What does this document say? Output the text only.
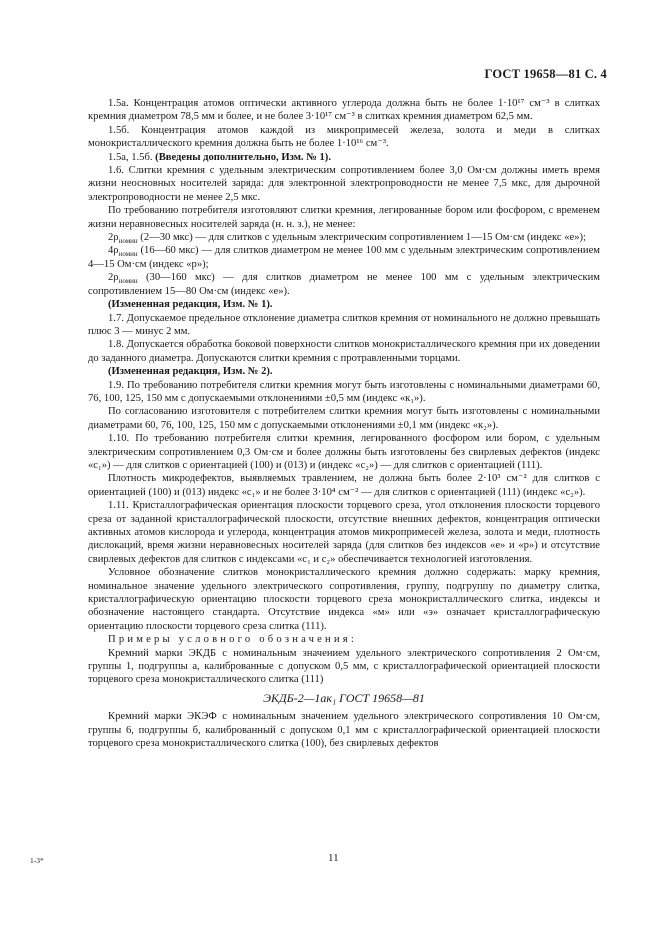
ГОСТ 19658—81 С. 4

1.5а. Концентрация атомов оптически активного углерода должна быть не более 1·10¹⁷ см⁻³ в слитках кремния диаметром 78,5 мм и более, и не более 3·10¹⁷ см⁻³ в слитках кремния диаметром 62,5 мм.

1.5б. Концентрация атомов каждой из микропримесей железа, золота и меди в слитках монокристаллического кремния должна быть не более 1·10¹⁶ см⁻³.

1.5а, 1.5б. (Введены дополнительно, Изм. № 1).

1.6. Слитки кремния с удельным электрическим сопротивлением более 3,0 Ом·см должны иметь время жизни неосновных носителей заряда: для электронной электропроводности не менее 7,5 мкс, для дырочной электропроводности не менее 2,5 мкс.

По требованию потребителя изготовляют слитки кремния, легированные бором или фосфором, с временем жизни неравновесных носителей заряда (н. н. з.), не менее:

$2\rho_{номин}$ (2—30 мкс) — для слитков с удельным электрическим сопротивлением 1—15 Ом·см (индекс «е»);

$4\rho_{номин}$ (16—60 мкс) — для слитков диаметром не менее 100 мм с удельным электрическим сопротивлением 4—15 Ом·см (индекс «р»);

$2\rho_{номин}$ (30—160 мкс) — для слитков диаметром не менее 100 мм с удельным электрическим сопротивлением 15—80 Ом·см (индекс «е»).

(Измененная редакция, Изм. № 1).

1.7. Допускаемое предельное отклонение диаметра слитков кремния от номинального не должно превышать плюс 3 — минус 2 мм.

1.8. Допускается обработка боковой поверхности слитков монокристаллического кремния при их доведении до заданного диаметра. Допускаются слитки кремния с протравленными торцами.

(Измененная редакция, Изм. № 2).

1.9. По требованию потребителя слитки кремния могут быть изготовлены с номинальными диаметрами 60, 76, 100, 125, 150 мм с допускаемыми отклонениями ±0,5 мм (индекс «к₁»).

По согласованию изготовителя с потребителем слитки кремния могут быть изготовлены с номинальными диаметрами 60, 76, 100, 125, 150 мм с допускаемыми отклонениями ±0,1 мм (индекс «к₂»).

1.10. По требованию потребителя слитки кремния, легированного фосфором или бором, с удельным электрическим сопротивлением 0,3 Ом·см и более должны быть изготовлены без свирлевых дефектов (индекс «с₁») — для слитков с ориентацией (100) и (013) и (индекс «с₂») — для слитков с ориентацией (111).

Плотность микродефектов, выявляемых травлением, не должна быть более 2·10³ см⁻² для слитков с ориентацией (100) и (013) индекс «с₁» и не более 3·10⁴ см⁻² — для слитков с ориентацией (111) (индекс «с₂»).

1.11. Кристаллографическая ориентация плоскости торцевого среза, угол отклонения плоскости торцевого среза от заданной кристаллографической плоскости, отсутствие внешних дефектов, концентрация оптически активных атомов кислорода и углерода, концентрация атомов микропримесей железа, золота и меди, плотность дислокаций, время жизни неравновесных носителей заряда (для слитков без индексов «е» и «р») и отсутствие свирлевых дефектов для слитков с индексами «с₁ и с₂» обеспечивается технологией изготовления.

Условное обозначение слитков монокристаллического кремния должно содержать: марку кремния, номинальное значение удельного электрического сопротивления, группу, подгруппу по диаметру слитка, кристаллографическую ориентацию плоскости торцевого среза монокристаллического слитка, индексы и обозначение настоящего стандарта. Отсутствие индекса «м» или «э» означает кристаллографическую ориентацию плоскости торцевого среза слитка (111).

Примеры условного обозначения:

Кремний марки ЭКДБ с номинальным значением удельного электрического сопротивления 2 Ом·см, группы 1, подгруппы а, калиброванные с допуском 0,5 мм, с кристаллографической ориентацией плоскости торцевого среза монокристаллического слитка (111)

ЭКДБ-2—1ак₁ ГОСТ 19658—81

Кремний марки ЭКЭФ с номинальным значением удельного электрического сопротивления 10 Ом·см, группы 6, подгруппы б, калиброванный с допуском 0,1 мм с кристаллографической ориентацией плоскости торцевого среза монокристаллического слитка (100), без свирлевых дефектов

1-3*	11
